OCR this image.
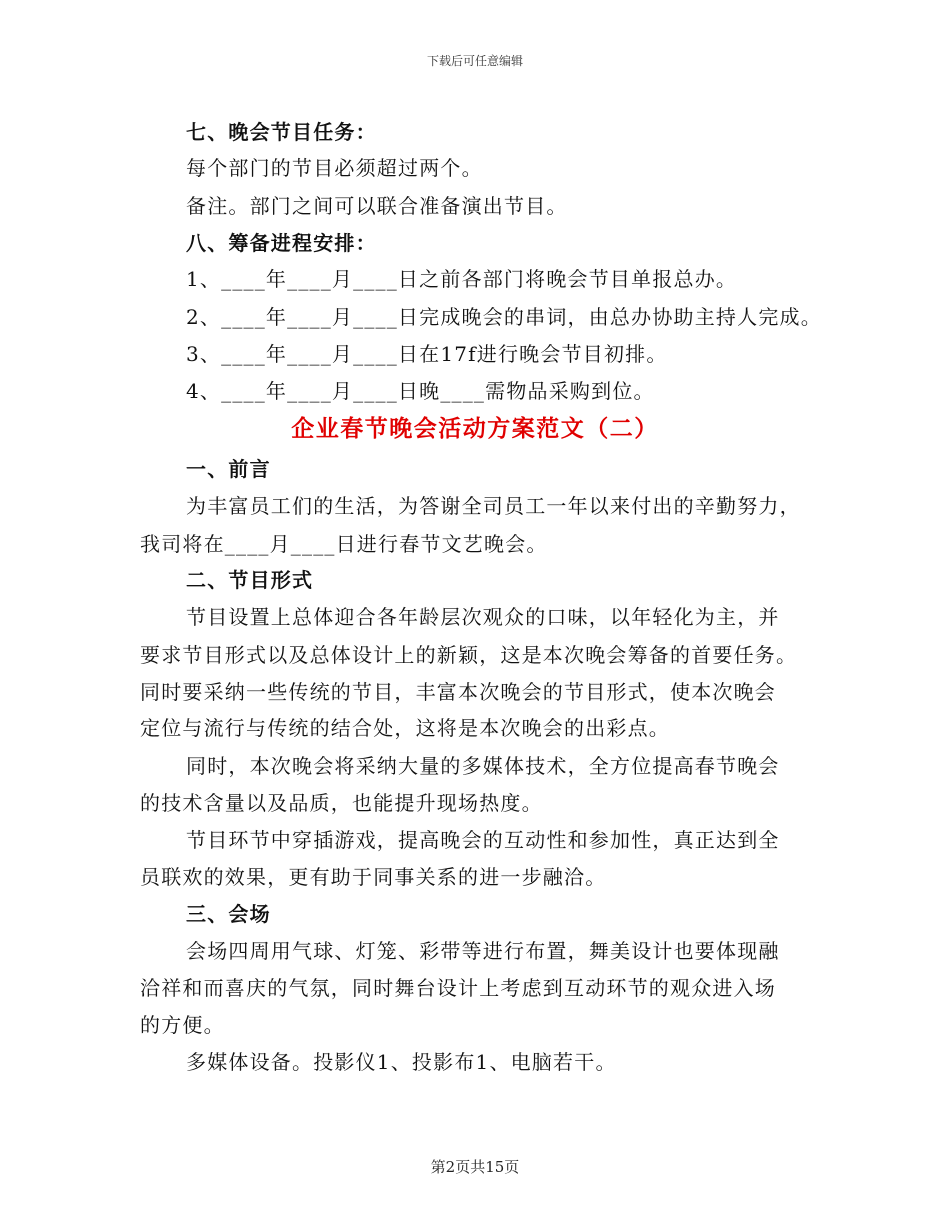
下载后可任意编辑
七、晚会节目任务：
每个部门的节目必须超过两个。
备注。部门之间可以联合准备演出节目。
八、筹备进程安排：
1、____年____月____日之前各部门将晚会节目单报总办。
2、____年____月____日完成晚会的串词，由总办协助主持人完成。
3、____年____月____日在17f进行晚会节目初排。
4、____年____月____日晚____需物品采购到位。
企业春节晚会活动方案范文（二）
一、前言
为丰富员工们的生活，为答谢全司员工一年以来付出的辛勤努力，
我司将在____月____日进行春节文艺晚会。
二、节目形式
节目设置上总体迎合各年龄层次观众的口味，以年轻化为主，并
要求节目形式以及总体设计上的新颖，这是本次晚会筹备的首要任务。
同时要采纳一些传统的节目，丰富本次晚会的节目形式，使本次晚会
定位与流行与传统的结合处，这将是本次晚会的出彩点。
同时，本次晚会将采纳大量的多媒体技术，全方位提高春节晚会
的技术含量以及品质，也能提升现场热度。
节目环节中穿插游戏，提高晚会的互动性和参加性，真正达到全
员联欢的效果，更有助于同事关系的进一步融洽。
三、会场
会场四周用气球、灯笼、彩带等进行布置，舞美设计也要体现融
洽祥和而喜庆的气氛，同时舞台设计上考虑到互动环节的观众进入场
的方便。
多媒体设备。投影仪1、投影布1、电脑若干。
第2页共15页
